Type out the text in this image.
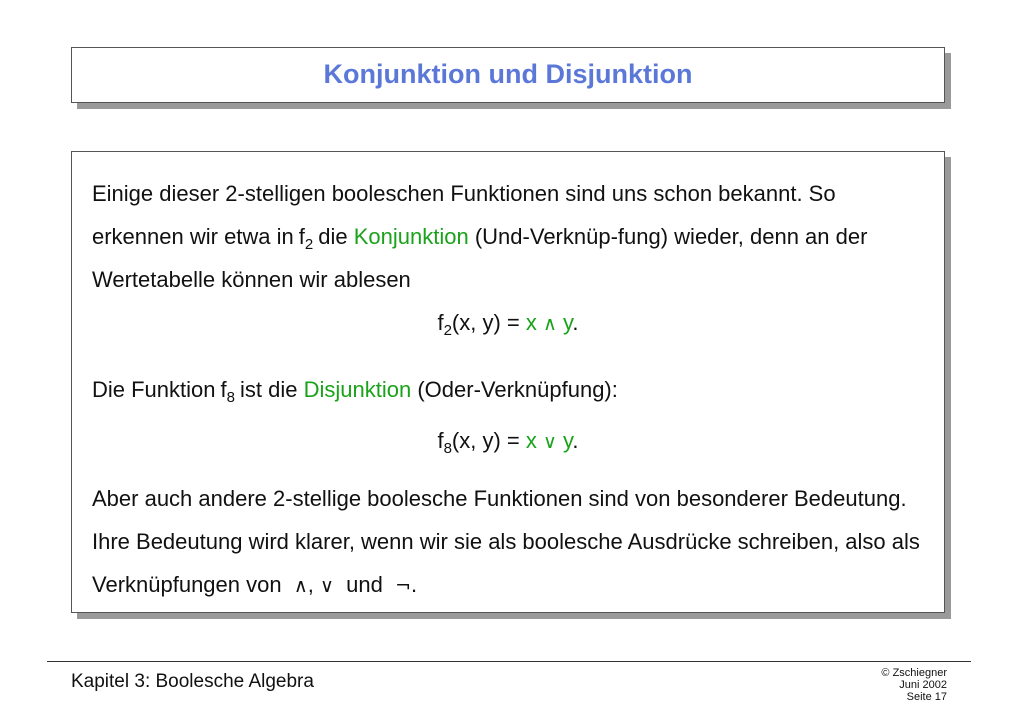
Konjunktion und Disjunktion

Einige dieser 2-stelligen booleschen Funktionen sind uns schon bekannt. So erkennen wir etwa in $f_2$ die Konjunktion (Und-Verknüp-fung) wieder, denn an der Wertetabelle können wir ablesen

$f_2(x$, y) = x ∧ y.

Die Funktion $f_8$ ist die Disjunktion (Oder-Verknüpfung):

$f_8(x$, y) = x ∨ y.

Aber auch andere 2-stellige boolesche Funktionen sind von besonderer Bedeutung. Ihre Bedeutung wird klarer, wenn wir sie als boolesche Ausdrücke schreiben, also als Verknüpfungen von ∧, ∨ und ¬.

Kapitel 3: Boolesche Algebra	© Zschiegner
Juni 2002
Seite 17
